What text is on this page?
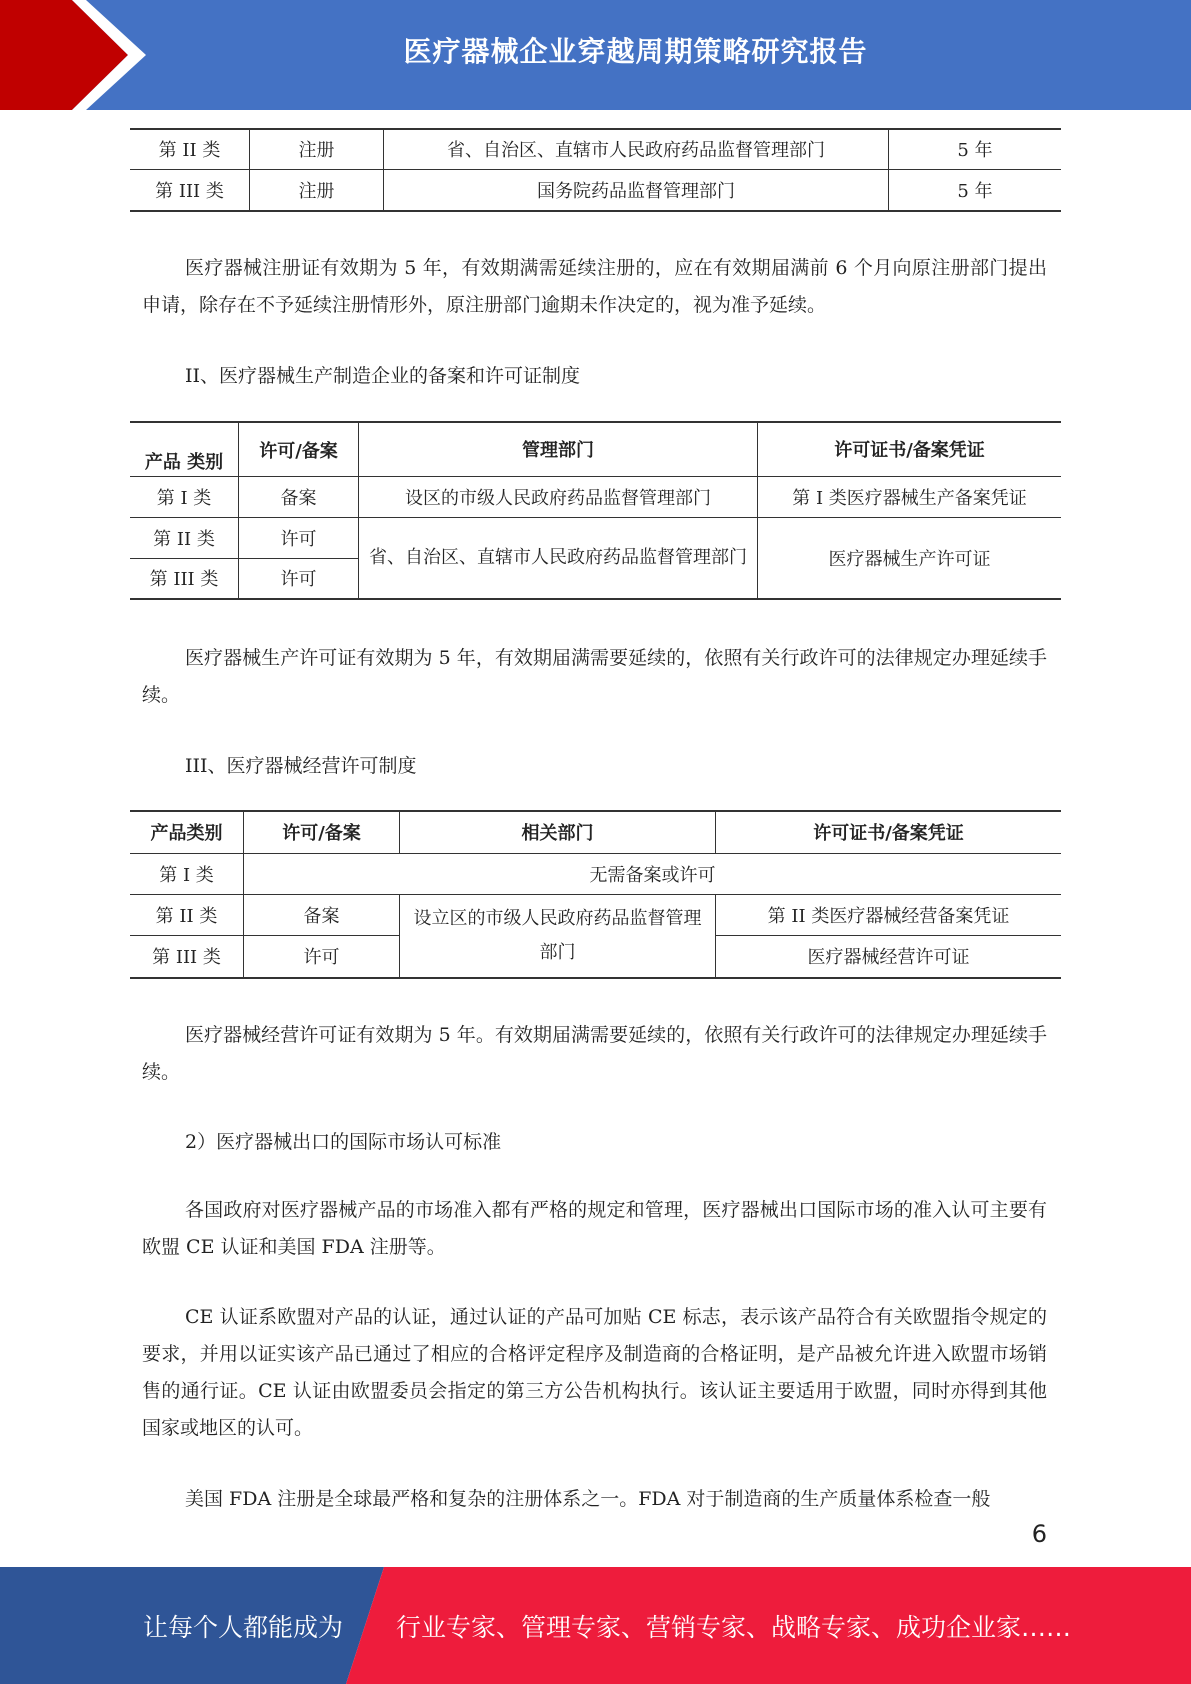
医疗器械企业穿越周期策略研究报告
第 II 类	注册	省、自治区、直辖市人民政府药品监督管理部门	5 年
第 III 类	注册	国务院药品监督管理部门	5 年

医疗器械注册证有效期为 5 年，有效期满需延续注册的，应在有效期届满前 6 个月向原注册部门提出申请，除存在不予延续注册情形外，原注册部门逾期未作决定的，视为准予延续。

II、医疗器械生产制造企业的备案和许可证制度

产品 类别	许可/备案	管理部门	许可证书/备案凭证
第 I 类	备案	设区的市级人民政府药品监督管理部门	第 I 类医疗器械生产备案凭证
第 II 类	许可	省、自治区、直辖市人民政府药品监督管理部门	医疗器械生产许可证
第 III 类	许可		

医疗器械生产许可证有效期为 5 年，有效期届满需要延续的，依照有关行政许可的法律规定办理延续手续。

III、医疗器械经营许可制度

产品类别	许可/备案	相关部门	许可证书/备案凭证
第 I 类	无需备案或许可		
第 II 类	备案	设立区的市级人民政府药品监督管理部门	第 II 类医疗器械经营备案凭证
第 III 类	许可		医疗器械经营许可证

医疗器械经营许可证有效期为 5 年。有效期届满需要延续的，依照有关行政许可的法律规定办理延续手续。

2）医疗器械出口的国际市场认可标准

各国政府对医疗器械产品的市场准入都有严格的规定和管理，医疗器械出口国际市场的准入认可主要有欧盟 CE 认证和美国 FDA 注册等。

CE 认证系欧盟对产品的认证，通过认证的产品可加贴 CE 标志，表示该产品符合有关欧盟指令规定的要求，并用以证实该产品已通过了相应的合格评定程序及制造商的合格证明，是产品被允许进入欧盟市场销售的通行证。CE 认证由欧盟委员会指定的第三方公告机构执行。该认证主要适用于欧盟，同时亦得到其他国家或地区的认可。

美国 FDA 注册是全球最严格和复杂的注册体系之一。FDA 对于制造商的生产质量体系检查一般

6
让每个人都能成为 行业专家、管理专家、营销专家、战略专家、成功企业家……
